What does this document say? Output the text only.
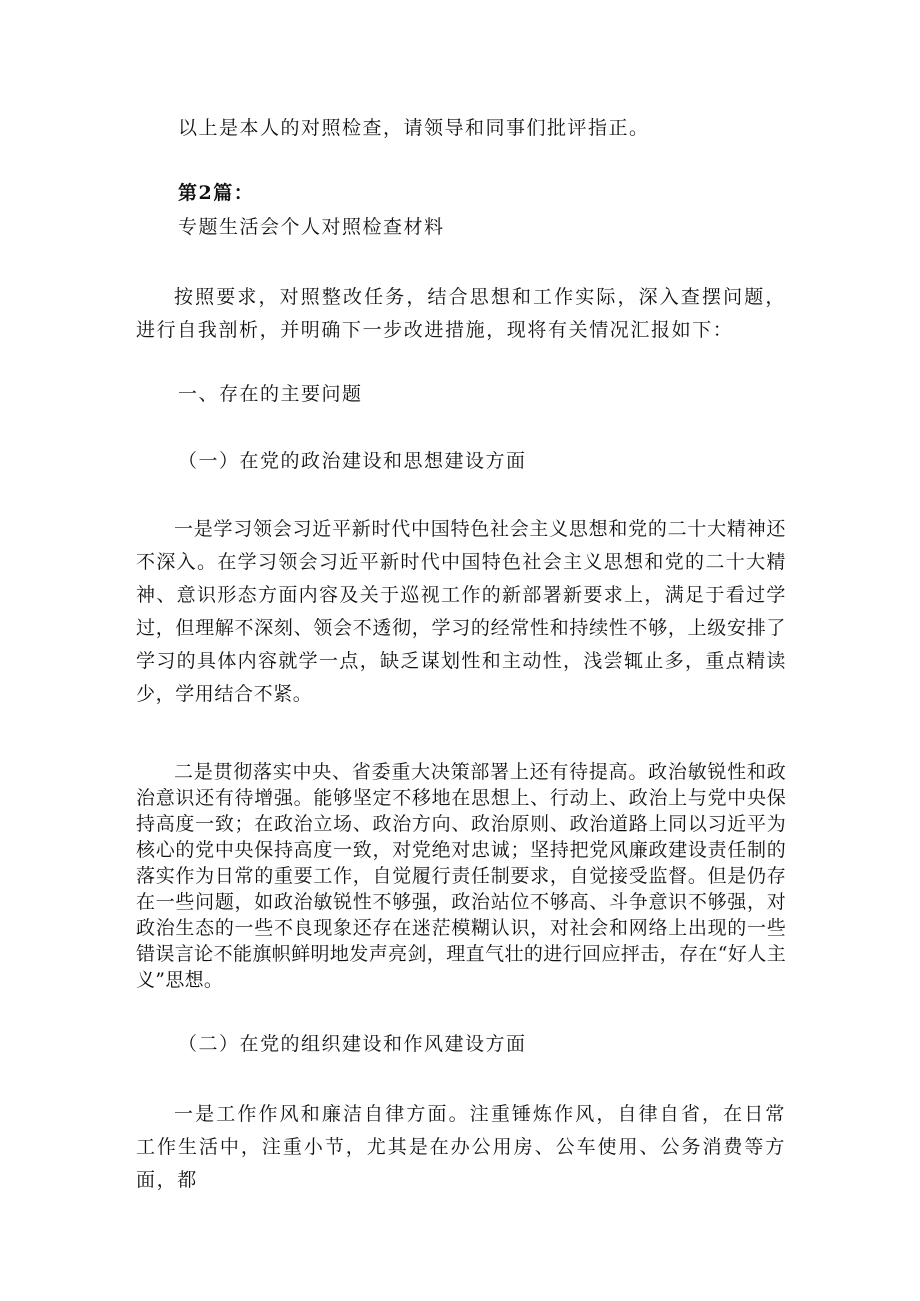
以上是本人的对照检查，请领导和同事们批评指正。
第2篇：
专题生活会个人对照检查材料
按照要求，对照整改任务，结合思想和工作实际，深入查摆问题，进行自我剖析，并明确下一步改进措施，现将有关情况汇报如下：
一、存在的主要问题
（一）在党的政治建设和思想建设方面
一是学习领会习近平新时代中国特色社会主义思想和党的二十大精神还不深入。在学习领会习近平新时代中国特色社会主义思想和党的二十大精神、意识形态方面内容及关于巡视工作的新部署新要求上，满足于看过学过，但理解不深刻、领会不透彻，学习的经常性和持续性不够，上级安排了学习的具体内容就学一点，缺乏谋划性和主动性，浅尝辄止多，重点精读少，学用结合不紧。
二是贯彻落实中央、省委重大决策部署上还有待提高。政治敏锐性和政治意识还有待增强。能够坚定不移地在思想上、行动上、政治上与党中央保持高度一致；在政治立场、政治方向、政治原则、政治道路上同以习近平为核心的党中央保持高度一致，对党绝对忠诚；坚持把党风廉政建设责任制的落实作为日常的重要工作，自觉履行责任制要求，自觉接受监督。但是仍存在一些问题，如政治敏锐性不够强，政治站位不够高、斗争意识不够强，对政治生态的一些不良现象还存在迷茫模糊认识，对社会和网络上出现的一些错误言论不能旗帜鲜明地发声亮剑，理直气壮的进行回应抨击，存在“好人主义”思想。
（二）在党的组织建设和作风建设方面
一是工作作风和廉洁自律方面。注重锤炼作风，自律自省，在日常工作生活中，注重小节，尤其是在办公用房、公车使用、公务消费等方面，都
